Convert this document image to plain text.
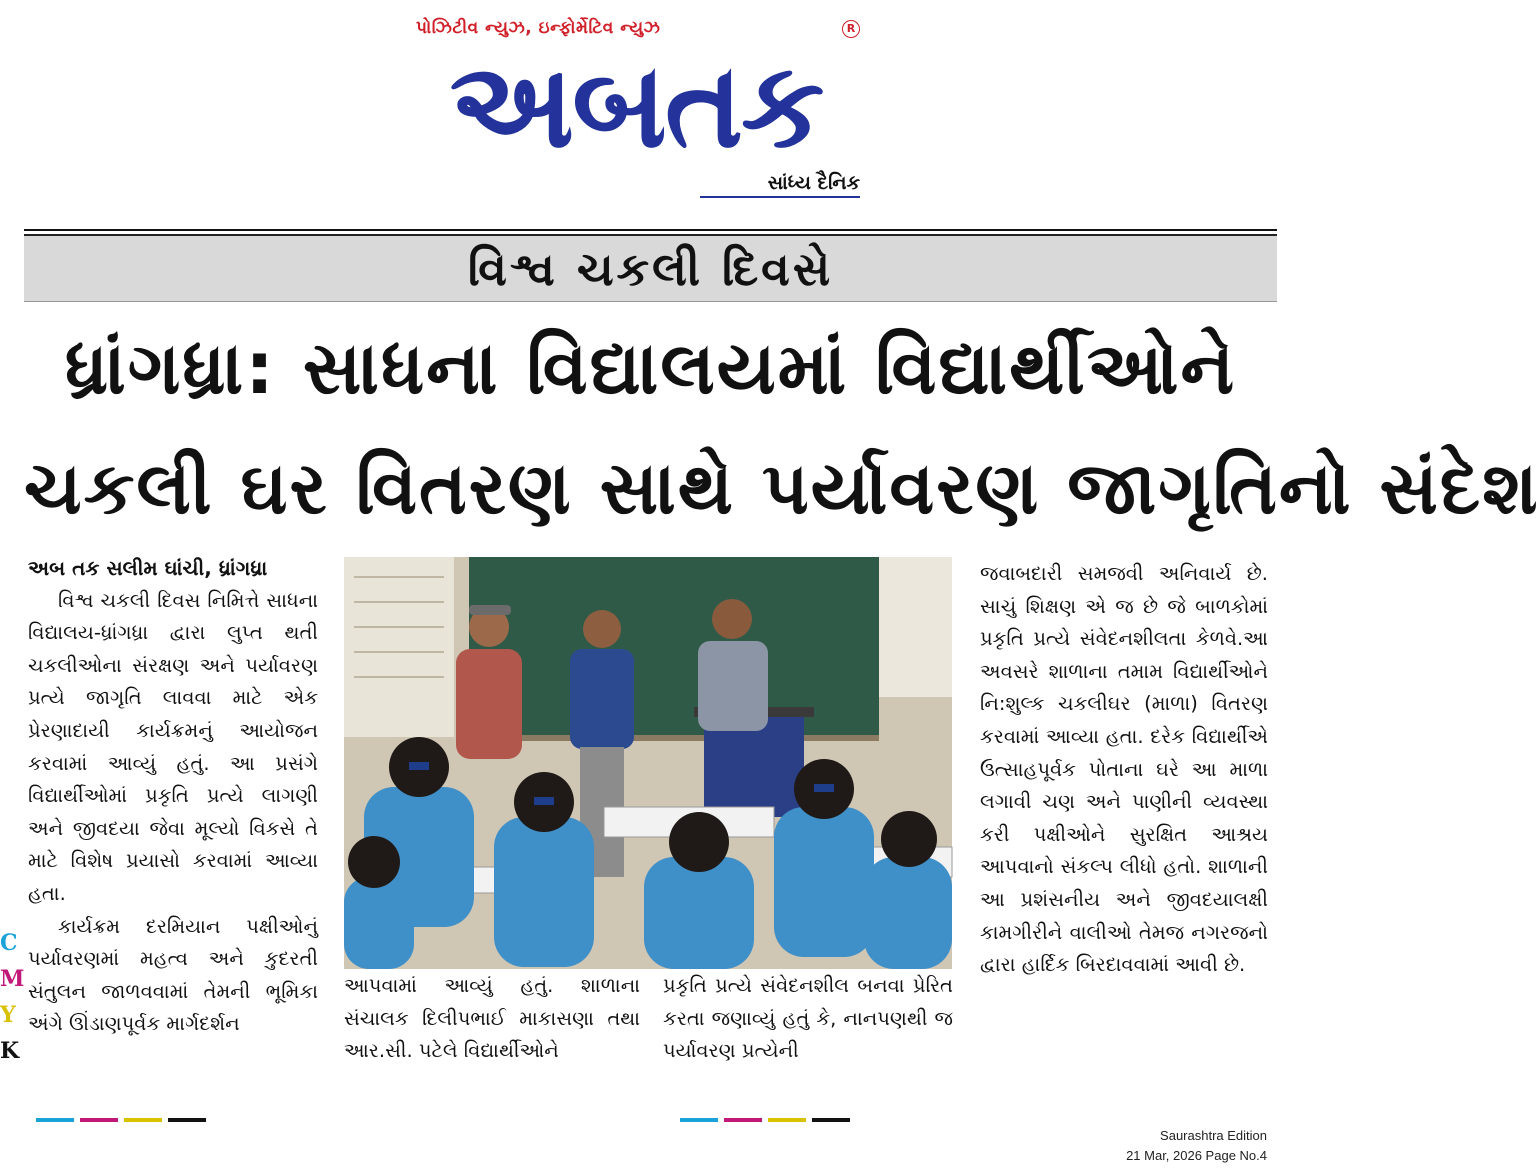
પોઝિટીવ ન્યુઝ, ઇન્ફોર્મેટિવ ન્યુઝ	R
અબતક
સાંધ્ય દૈનિક
વિશ્વ ચકલી દિવસે
ધ્રાંગધ્રા: સાધના વિદ્યાલયમાં વિદ્યાર્થીઓને
ચકલી ઘર વિતરણ સાથે પર્યાવરણ જાગૃતિનો સંદેશ
C
M
Y
K

અબ તક સલીમ ઘાંચી, ધ્રાંગધ્રા

વિશ્વ ચકલી દિવસ નિમિત્તે સાધના વિદ્યાલય-ધ્રાંગધ્રા દ્વારા લુપ્ત થતી ચકલીઓના સંરક્ષણ અને પર્યાવરણ પ્રત્યે જાગૃતિ લાવવા માટે એક પ્રેરણાદાયી કાર્યક્રમનું આયોજન કરવામાં આવ્યું હતું. આ પ્રસંગે વિદ્યાર્થીઓમાં પ્રકૃતિ પ્રત્યે લાગણી અને જીવદયા જેવા મૂલ્યો વિકસે તે માટે વિશેષ પ્રયાસો કરવામાં આવ્યા હતા.

કાર્યક્રમ દરમિયાન પક્ષીઓનું પર્યાવરણમાં મહત્વ અને કુદરતી સંતુલન જાળવવામાં તેમની ભૂમિકા અંગે ઊંડાણપૂર્વક માર્ગદર્શન

આપવામાં આવ્યું હતું. શાળાના સંચાલક દિલીપભાઈ માકાસણા તથા આર.સી. પટેલે વિદ્યાર્થીઓને

પ્રકૃતિ પ્રત્યે સંવેદનશીલ બનવા પ્રેરિત કરતા જણાવ્યું હતું કે, નાનપણથી જ પર્યાવરણ પ્રત્યેની

જવાબદારી સમજવી અનિવાર્ય છે. સાચું શિક્ષણ એ જ છે જે બાળકોમાં પ્રકૃતિ પ્રત્યે સંવેદનશીલતા કેળવે.આ અવસરે શાળાના તમામ વિદ્યાર્થીઓને નિ:શુલ્ક ચકલીઘર (માળા) વિતરણ કરવામાં આવ્યા હતા. દરેક વિદ્યાર્થીએ ઉત્સાહપૂર્વક પોતાના ઘરે આ માળા લગાવી ચણ અને પાણીની વ્યવસ્થા કરી પક્ષીઓને સુરક્ષિત આશ્રય આપવાનો સંકલ્પ લીધો હતો. શાળાની આ પ્રશંસનીય અને જીવદયાલક્ષી કામગીરીને વાલીઓ તેમજ નગરજનો દ્વારા હાર્દિક બિરદાવવામાં આવી છે.

Saurashtra Edition
21 Mar, 2026 Page No.4
